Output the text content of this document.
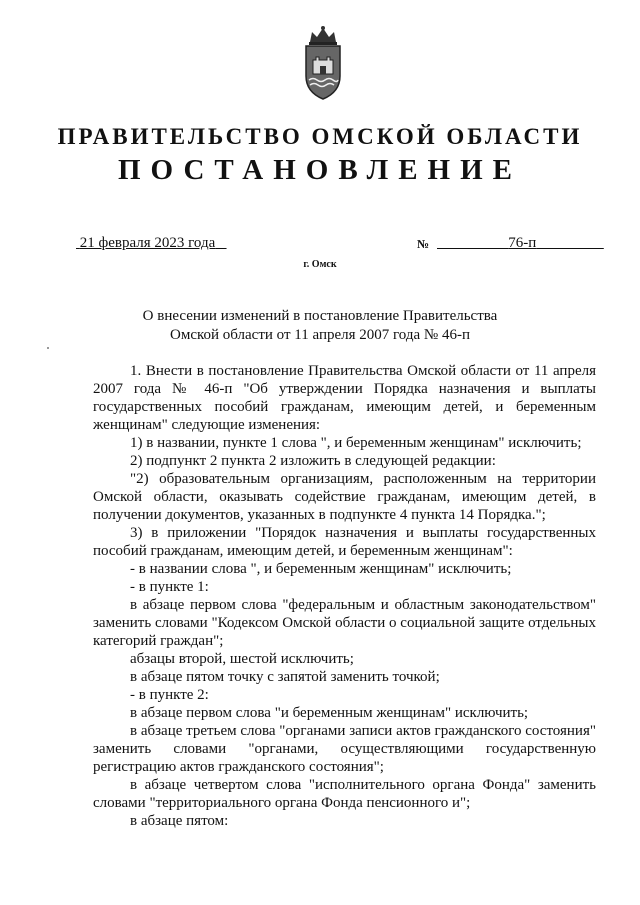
ПРАВИТЕЛЬСТВО ОМСКОЙ ОБЛАСТИ
ПОСТАНОВЛЕНИЕ
21 февраля 2023 года	№	76-п
г. Омск
О внесении изменений в постановление Правительства
Омской области от 11 апреля 2007 года № 46-п

1. Внести в постановление Правительства Омской области от 11 апреля 2007 года № 46-п "Об утверждении Порядка назначения и выплаты государственных пособий гражданам, имеющим детей, и беременным женщинам" следующие изменения:

1) в названии, пункте 1 слова ", и беременным женщинам" исключить;

2) подпункт 2 пункта 2 изложить в следующей редакции:

"2) образовательным организациям, расположенным на территории Омской области, оказывать содействие гражданам, имеющим детей, в получении документов, указанных в подпункте 4 пункта 14 Порядка.";

3) в приложении "Порядок назначения и выплаты государственных пособий гражданам, имеющим детей, и беременным женщинам":

- в названии слова ", и беременным женщинам" исключить;

- в пункте 1:

в абзаце первом слова "федеральным и областным законодательством" заменить словами "Кодексом Омской области о социальной защите отдельных категорий граждан";

абзацы второй, шестой исключить;

в абзаце пятом точку с запятой заменить точкой;

- в пункте 2:

в абзаце первом слова "и беременным женщинам" исключить;

в абзаце третьем слова "органами записи актов гражданского состояния" заменить словами "органами, осуществляющими государственную регистрацию актов гражданского состояния";

в абзаце четвертом слова "исполнительного органа Фонда" заменить словами "территориального органа Фонда пенсионного и";

в абзаце пятом:
